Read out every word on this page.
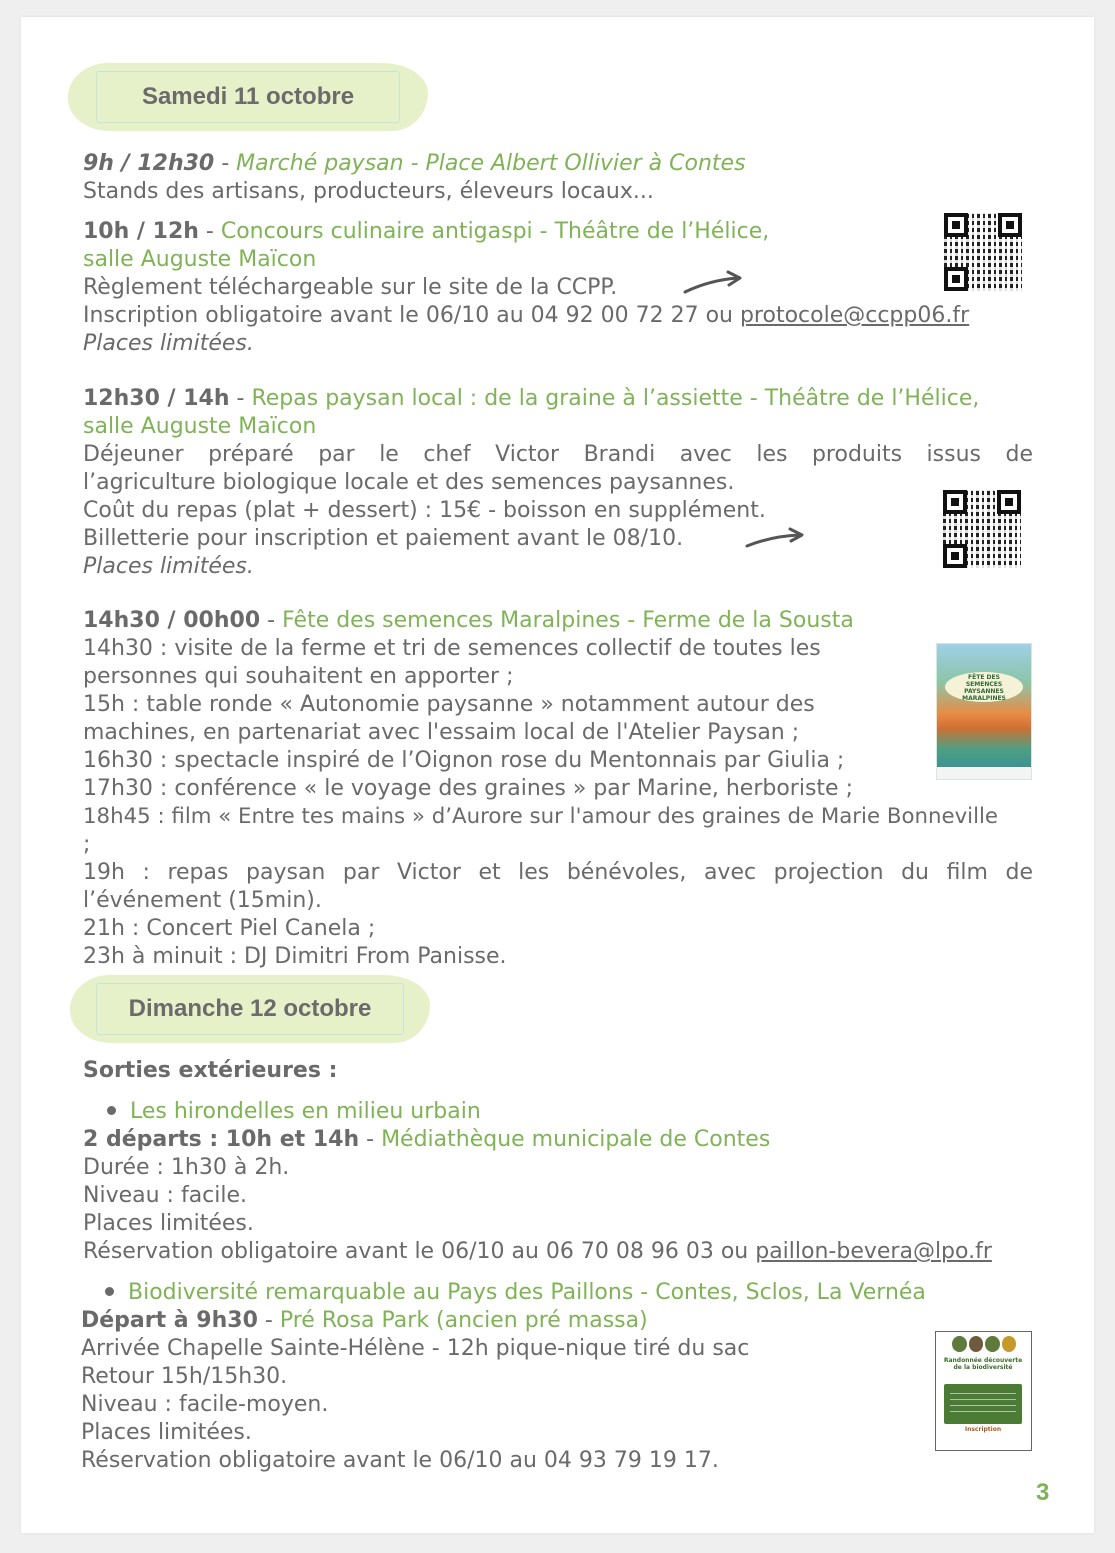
Samedi 11 octobre
9h / 12h30 - Marché paysan - Place Albert Ollivier à Contes
Stands des artisans, producteurs, éleveurs locaux...
10h / 12h - Concours culinaire antigaspi - Théâtre de l’Hélice,
salle Auguste Maïcon
Règlement téléchargeable sur le site de la CCPP.
Inscription obligatoire avant le 06/10 au 04 92 00 72 27 ou protocole@ccpp06.fr
Places limitées.
12h30 / 14h - Repas paysan local : de la graine à l’assiette - Théâtre de l’Hélice,
salle Auguste Maïcon
Déjeuner préparé par le chef Victor Brandi avec les produits issus de
l’agriculture biologique locale et des semences paysannes.
Coût du repas (plat + dessert) : 15€ - boisson en supplément.
Billetterie pour inscription et paiement avant le 08/10.
Places limitées.
14h30 / 00h00 - Fête des semences Maralpines - Ferme de la Sousta
14h30 : visite de la ferme et tri de semences collectif de toutes les
personnes qui souhaitent en apporter ;
15h : table ronde « Autonomie paysanne » notamment autour des
machines, en partenariat avec l'essaim local de l'Atelier Paysan ;
16h30 : spectacle inspiré de l’Oignon rose du Mentonnais par Giulia ;
17h30 : conférence « le voyage des graines » par Marine, herboriste ;
18h45 : film « Entre tes mains » d’Aurore sur l'amour des graines de Marie Bonneville
;
19h : repas paysan par Victor et les bénévoles, avec projection du film de
l’événement (15min).
21h : Concert Piel Canela ;
23h à minuit : DJ Dimitri From Panisse.
FÊTE DES SEMENCES PAYSANNES MARALPINES
Dimanche 12 octobre
Sorties extérieures :
Les hirondelles en milieu urbain
2 départs : 10h et 14h - Médiathèque municipale de Contes
Durée : 1h30 à 2h.
Niveau : facile.
Places limitées.
Réservation obligatoire avant le 06/10 au 06 70 08 96 03 ou paillon-bevera@lpo.fr
Biodiversité remarquable au Pays des Paillons - Contes, Sclos, La Vernéa
Départ à 9h30 - Pré Rosa Park (ancien pré massa)
Arrivée Chapelle Sainte-Hélène - 12h pique-nique tiré du sac
Retour 15h/15h30.
Niveau : facile-moyen.
Places limitées.
Réservation obligatoire avant le 06/10 au 04 93 79 19 17.
Randonnée découverte de la biodiversité
Inscription
3
